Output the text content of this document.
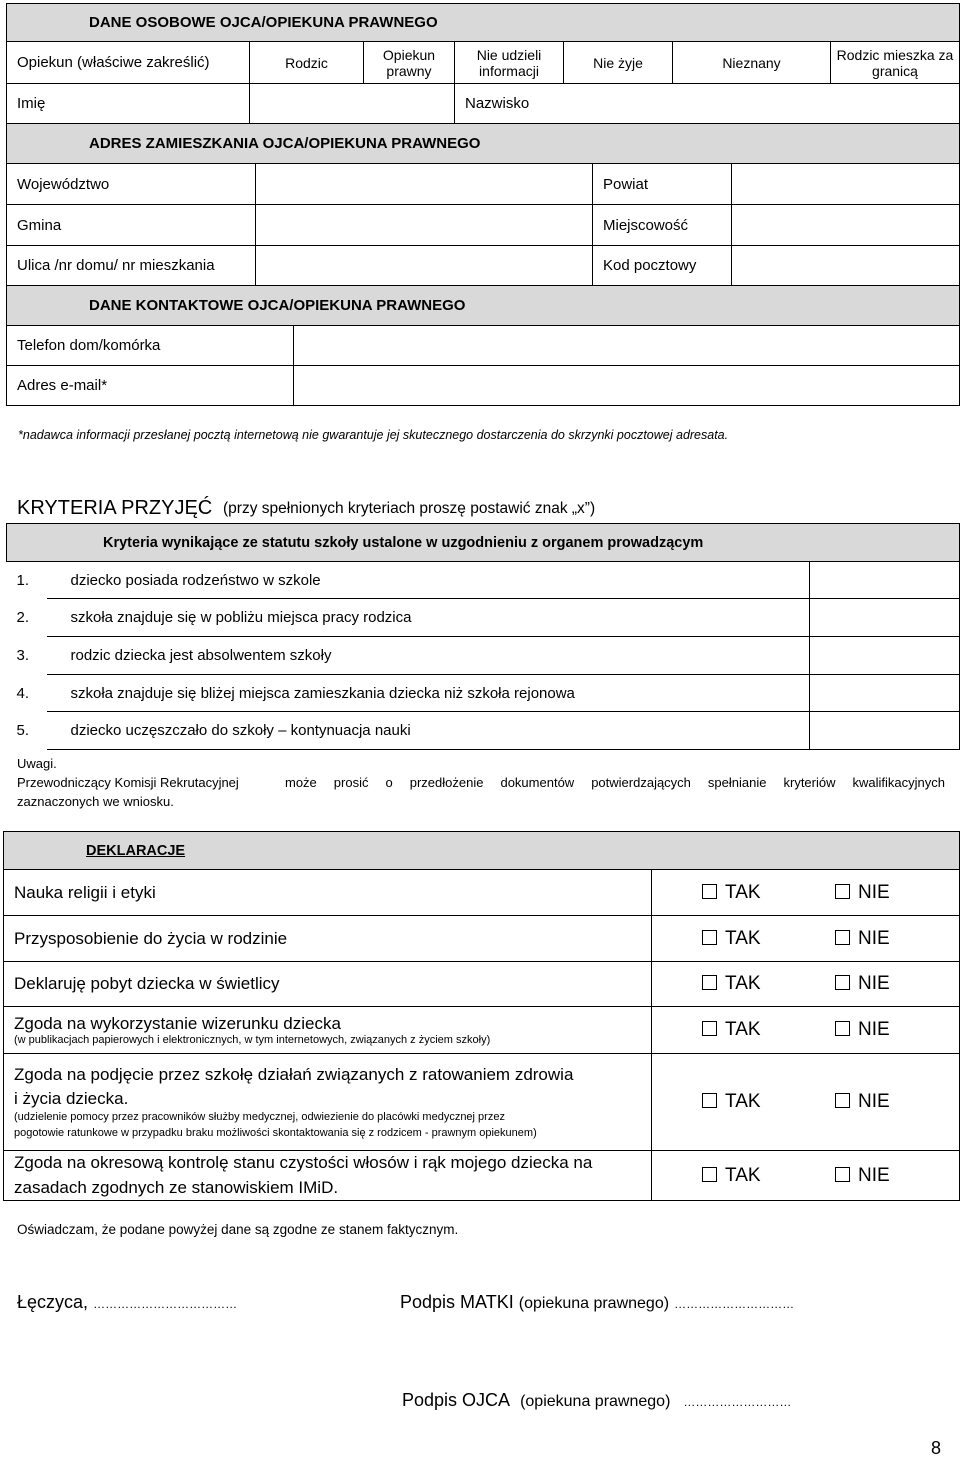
DANE OSOBOWE OJCA/OPIEKUNA PRAWNEGO						
Opiekun (właściwe zakreślić)	Rodzic	Opiekun prawny	Nie udzieli informacji	Nie żyje	Nieznany	Rodzic mieszka za granicą
Imię			Nazwisko			
ADRES ZAMIESZKANIA OJCA/OPIEKUNA PRAWNEGO			
Województwo		Powiat	
Gmina		Miejscowość	
Ulica /nr domu/ nr mieszkania		Kod pocztowy	
DANE KONTAKTOWE OJCA/OPIEKUNA PRAWNEGO	
Telefon dom/komórka	
Adres e-mail*	
*nadawca informacji przesłanej pocztą internetową nie gwarantuje jej skutecznego dostarczenia do skrzynki pocztowej adresata.
KRYTERIA PRZYJĘĆ (przy spełnionych kryteriach proszę postawić znak „x”)
Kryteria wynikające ze statutu szkoły ustalone w uzgodnieniu z organem prowadzącym		
1.	dziecko posiada rodzeństwo w szkole	
2.	szkoła znajduje się w pobliżu miejsca pracy rodzica	
3.	rodzic dziecka jest absolwentem szkoły	
4.	szkoła znajduje się bliżej miejsca zamieszkania dziecka niż szkoła rejonowa	
5.	dziecko uczęszczało do szkoły – kontynuacja nauki	
Uwagi.
Przewodniczący Komisji Rekrutacyjnej	może prosić o przedłożenie dokumentów potwierdzających spełnianie kryteriów kwalifikacyjnych
zaznaczonych we wniosku.
DEKLARACJE	
Nauka religii i etyki	TAK NIE
Przysposobienie do życia w rodzinie	TAK NIE
Deklaruję pobyt dziecka w świetlicy	TAK NIE

Zgoda na wykorzystanie wizerunku dziecka
(w publikacjach papierowych i elektronicznych, w tym internetowych, związanych z życiem szkoły)	TAK NIE

Zgoda na podjęcie przez szkołę działań związanych z ratowaniem zdrowia
i życia dziecka.
(udzielenie pomocy przez pracowników służby medycznej, odwiezienie do placówki medycznej przez
pogotowie ratunkowe w przypadku braku możliwości skontaktowania się z rodzicem - prawnym opiekunem)	TAK NIE

Zgoda na okresową kontrolę stanu czystości włosów i rąk mojego dziecka na
zasadach zgodnych ze stanowiskiem IMiD.	TAK NIE
Oświadczam, że podane powyżej dane są zgodne ze stanem faktycznym.
Łęczyca, ………………………………	Podpis MATKI (opiekuna prawnego) …………………………
Podpis OJCA (opiekuna prawnego) ………………………
8
